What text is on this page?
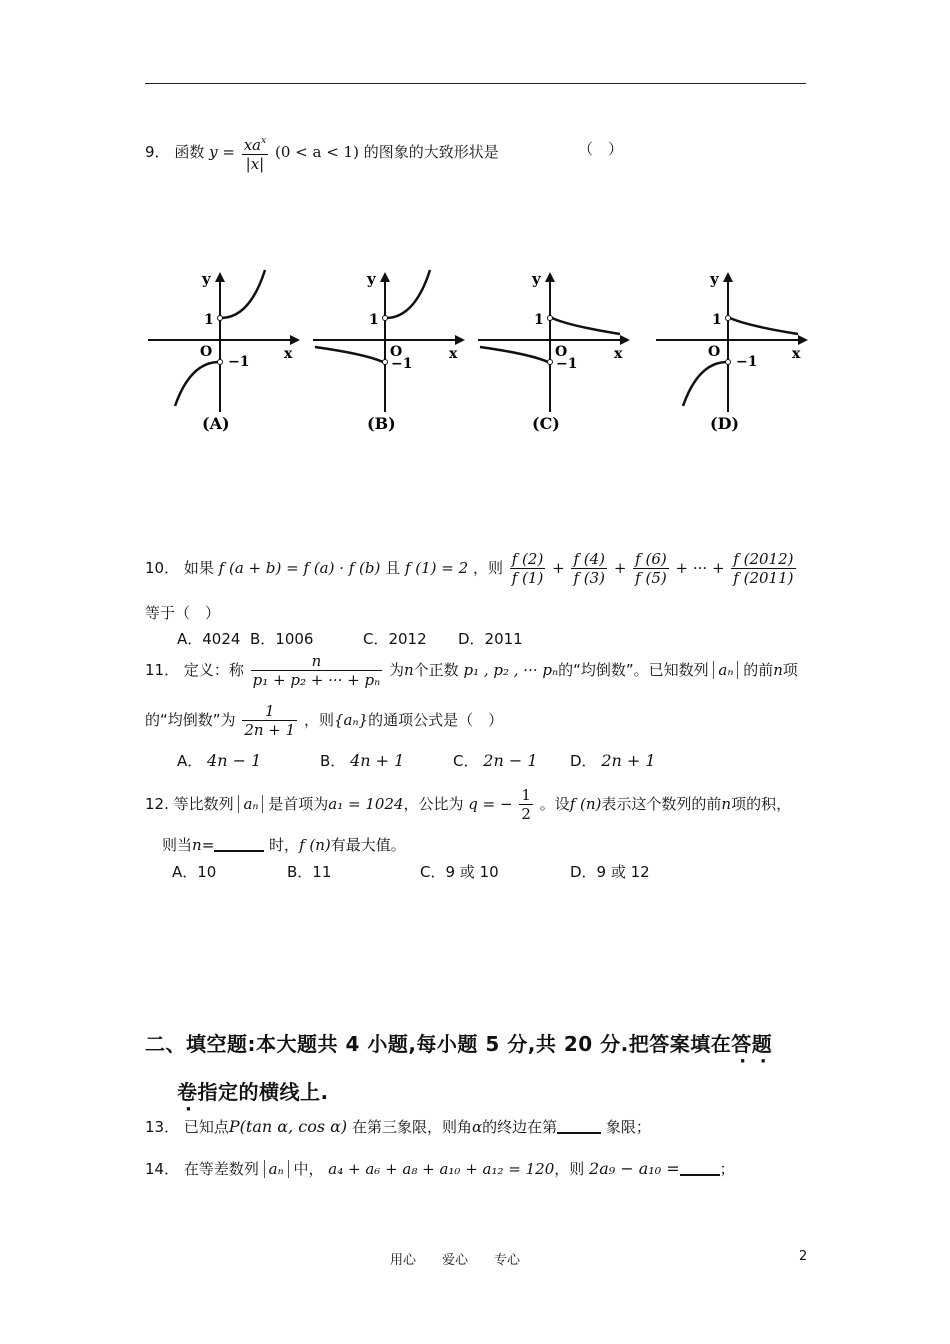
9． 函数 $y = \frac{xa^x}{|x|} (0 < a < 1)$ 的图象的大致形状是	（　）
y
x
O
1
−1
(A)
y
x
O
1
−1
(B)
y
x
O
1
−1
(C)
y
x
O
1
−1
(D)
10． 如果 f (a + b) = f (a) · f (b) 且 f (1) = 2 ，则 $\frac{f (2)}{f (1)} + \frac{f (4)}{f (3)} + \frac{f (6)}{f (5)}$ + ··· + $\frac{f (2012)}{f (2011)}$
等于（　）
A．4024 B．1006	C．2012 D．2011
11． 定义：称 $\frac{n}{\text{p₁ + p₂ + ··· + pₙ}}$ 为n个正数 p₁ , p₂ , ··· pₙ的“均倒数”。已知数列 aₙ 的前n项
的“均倒数”为 $\frac{1}{2n + 1}$ ，则{aₙ}的通项公式是（　）
A． 4n − 1	B． 4n + 1	C． 2n − 1 D． 2n + 1
12. 等比数列 aₙ 是首项为a₁ = 1024，公比为 q = − $\frac{1}{2}$ 。设f (n)表示这个数列的前n项的积，
则当n=	时，f (n)有最大值。
A．10	B．11	C．9 或 10	D．9 或 12
二、填空题:本大题共 4 小题,每小题 5 分,共 20 分.把答案填在答题
卷指定的横线上.
13． 已知点P(tan α, cos α) 在第三象限，则角α的终边在第	象限；
14． 在等差数列 aₙ 中， a₄ + a₆ + a₈ + a₁₀ + a₁₂ = 120，则 2a₉ − a₁₀ =	；
用心　　爱心　　专心	2
